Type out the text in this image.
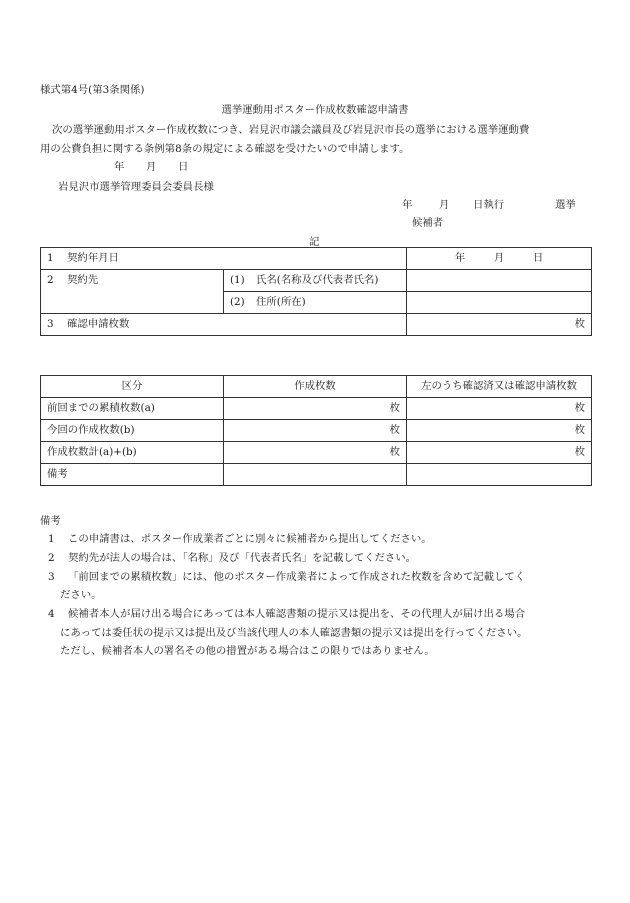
様式第4号(第3条関係)
選挙運動用ポスター作成枚数確認申請書
次の選挙運動用ポスター作成枚数につき、岩見沢市議会議員及び岩見沢市長の選挙における選挙運動費
用の公費負担に関する条例第8条の規定による確認を受けたいので申請します。
年 月 日
岩見沢市選挙管理委員会委員長様
年	月 日執行	選挙
候補者
記
1 契約年月日		年 月 日
2 契約先	(1) 氏名(名称及び代表者氏名)	
	(2) 住所(所在)	
3 確認申請枚数		枚
区分	作成枚数	左のうち確認済又は確認申請枚数
前回までの累積枚数(a)	枚	枚
今回の作成枚数(b)	枚	枚
作成枚数計(a)+(b)	枚	枚
備考		
備考
1 この申請書は、ポスター作成業者ごとに別々に候補者から提出してください。
2 契約先が法人の場合は、「名称」及び「代表者氏名」を記載してください。
3 「前回までの累積枚数」には、他のポスター作成業者によって作成された枚数を含めて記載してく
ださい。
4 候補者本人が届け出る場合にあっては本人確認書類の提示又は提出を、その代理人が届け出る場合
にあっては委任状の提示又は提出及び当該代理人の本人確認書類の提示又は提出を行ってください。
ただし、候補者本人の署名その他の措置がある場合はこの限りではありません。
